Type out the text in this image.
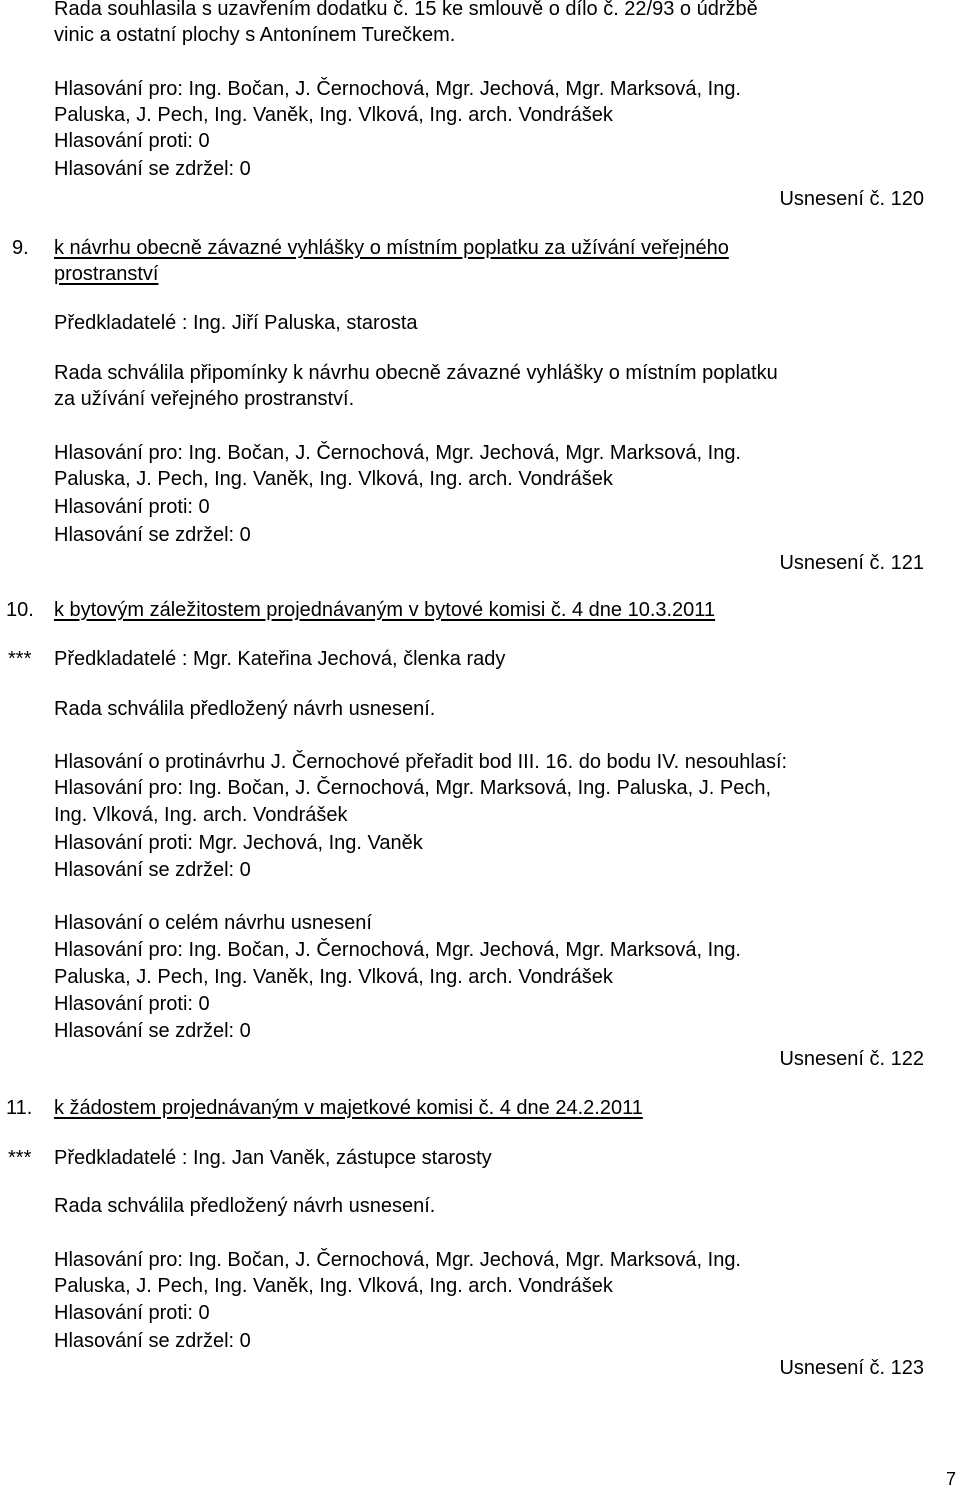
Rada souhlasila s uzavřením dodatku č. 15 ke smlouvě o dílo č. 22/93 o údržbě
vinic a ostatní plochy s Antonínem Turečkem.
Hlasování pro: Ing. Bočan, J. Černochová, Mgr. Jechová, Mgr. Marksová, Ing.
Paluska, J. Pech, Ing. Vaněk, Ing. Vlková, Ing. arch. Vondrášek
Hlasování proti: 0
Hlasování se zdržel: 0
Usnesení č. 120
9. k návrhu obecně závazné vyhlášky o místním poplatku za užívání veřejného
prostranství
Předkladatelé : Ing. Jiří Paluska, starosta
Rada schválila připomínky k návrhu obecně závazné vyhlášky o místním poplatku
za užívání veřejného prostranství.
Hlasování pro: Ing. Bočan, J. Černochová, Mgr. Jechová, Mgr. Marksová, Ing.
Paluska, J. Pech, Ing. Vaněk, Ing. Vlková, Ing. arch. Vondrášek
Hlasování proti: 0
Hlasování se zdržel: 0
Usnesení č. 121
10. k bytovým záležitostem projednávaným v bytové komisi č. 4 dne 10.3.2011
*** Předkladatelé : Mgr. Kateřina Jechová, členka rady
Rada schválila předložený návrh usnesení.
Hlasování o protinávrhu J. Černochové přeřadit bod III. 16. do bodu IV. nesouhlasí:
Hlasování pro: Ing. Bočan, J. Černochová, Mgr. Marksová, Ing. Paluska, J. Pech,
Ing. Vlková, Ing. arch. Vondrášek
Hlasování proti: Mgr. Jechová, Ing. Vaněk
Hlasování se zdržel: 0
Hlasování o celém návrhu usnesení
Hlasování pro: Ing. Bočan, J. Černochová, Mgr. Jechová, Mgr. Marksová, Ing.
Paluska, J. Pech, Ing. Vaněk, Ing. Vlková, Ing. arch. Vondrášek
Hlasování proti: 0
Hlasování se zdržel: 0
Usnesení č. 122
11. k žádostem projednávaným v majetkové komisi č. 4 dne 24.2.2011
*** Předkladatelé : Ing. Jan Vaněk, zástupce starosty
Rada schválila předložený návrh usnesení.
Hlasování pro: Ing. Bočan, J. Černochová, Mgr. Jechová, Mgr. Marksová, Ing.
Paluska, J. Pech, Ing. Vaněk, Ing. Vlková, Ing. arch. Vondrášek
Hlasování proti: 0
Hlasování se zdržel: 0
Usnesení č. 123
7
